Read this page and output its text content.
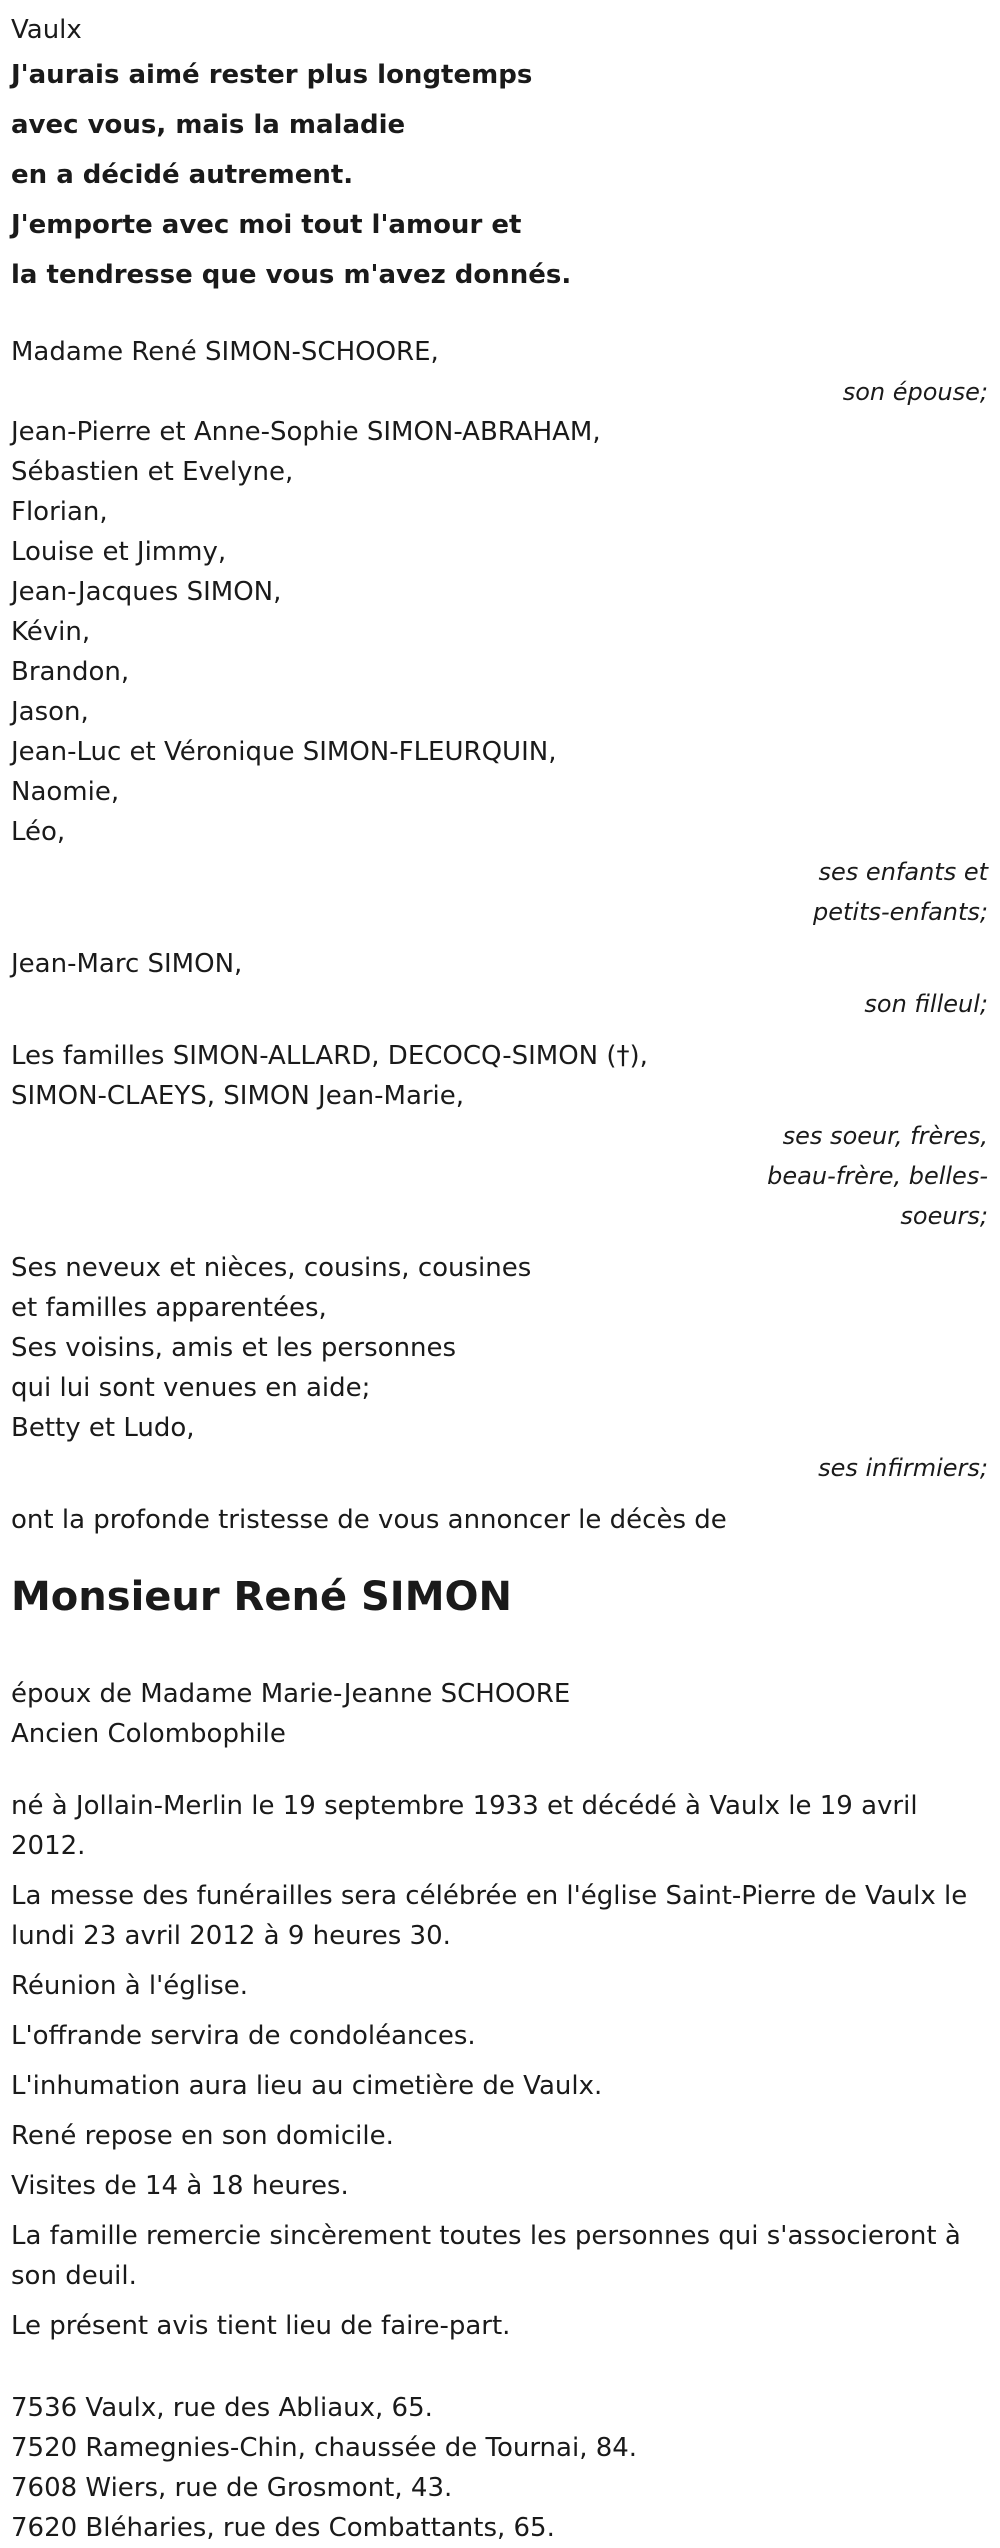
Vaulx
J'aurais aimé rester plus longtemps
avec vous, mais la maladie
en a décidé autrement.
J'emporte avec moi tout l'amour et
la tendresse que vous m'avez donnés.
Madame René SIMON-SCHOORE,
son épouse;
Jean-Pierre et Anne-Sophie SIMON-ABRAHAM,
Sébastien et Evelyne,
Florian,
Louise et Jimmy,
Jean-Jacques SIMON,
Kévin,
Brandon,
Jason,
Jean-Luc et Véronique SIMON-FLEURQUIN,
Naomie,
Léo,
ses enfants et
petits-enfants;
Jean-Marc SIMON,
son filleul;
Les familles SIMON-ALLARD, DECOCQ-SIMON (†),
SIMON-CLAEYS, SIMON Jean-Marie,
ses soeur, frères,
beau-frère, belles-
soeurs;
Ses neveux et nièces, cousins, cousines
et familles apparentées,
Ses voisins, amis et les personnes
qui lui sont venues en aide;
Betty et Ludo,
ses infirmiers;
ont la profonde tristesse de vous annoncer le décès de
Monsieur René SIMON
époux de Madame Marie-Jeanne SCHOORE
Ancien Colombophile
né à Jollain-Merlin le 19 septembre 1933 et décédé à Vaulx le 19 avril
2012.
La messe des funérailles sera célébrée en l'église Saint-Pierre de Vaulx le
lundi 23 avril 2012 à 9 heures 30.
Réunion à l'église.
L'offrande servira de condoléances.
L'inhumation aura lieu au cimetière de Vaulx.
René repose en son domicile.
Visites de 14 à 18 heures.
La famille remercie sincèrement toutes les personnes qui s'associeront à
son deuil.
Le présent avis tient lieu de faire-part.
7536 Vaulx, rue des Abliaux, 65.
7520 Ramegnies-Chin, chaussée de Tournai, 84.
7608 Wiers, rue de Grosmont, 43.
7620 Bléharies, rue des Combattants, 65.
